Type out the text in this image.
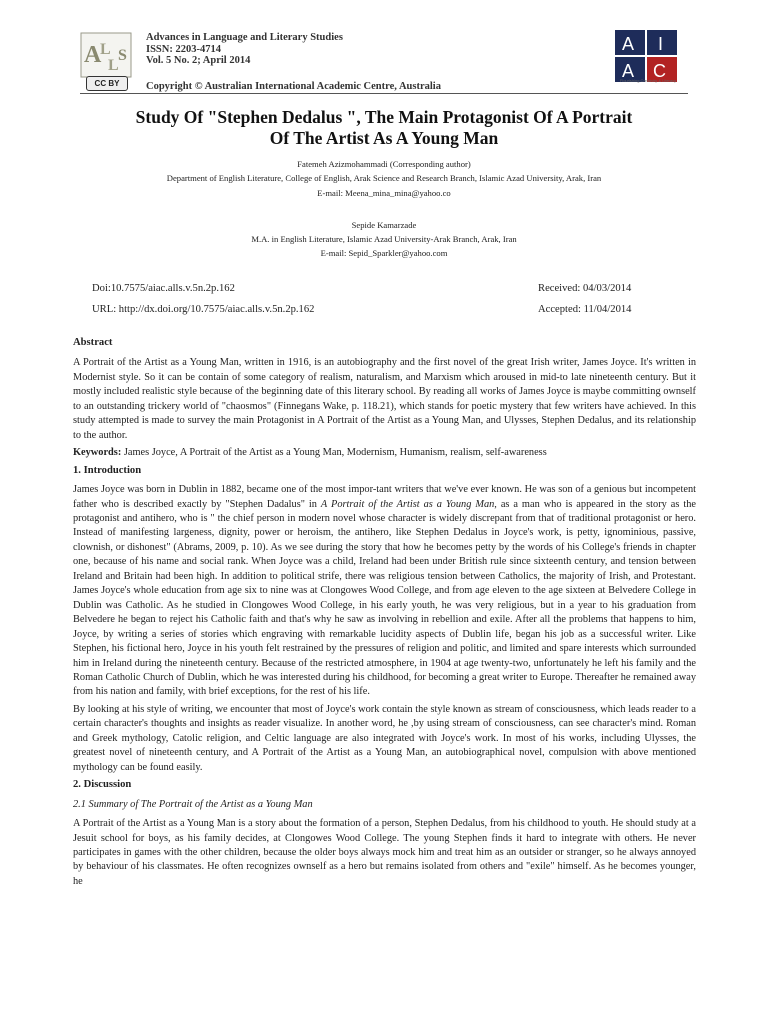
A
L
L
S
Advances in Language and Literary Studies
ISSN: 2203-4714
Vol. 5 No. 2; April 2014
CC BY	Copyright © Australian International Academic Centre, Australia
A I
A C
Flourishing Creativity & Literacy
Study Of "Stephen Dedalus ", The Main Protagonist Of A Portrait
Of The Artist As A Young Man

Fatemeh Azizmohammadi (Corresponding author)

Department of English Literature, College of English, Arak Science and Research Branch, Islamic Azad University, Arak, Iran

E-mail: Meena_mina_mina@yahoo.co

Sepide Kamarzade

M.A. in English Literature, Islamic Azad University-Arak Branch, Arak, Iran

E-mail: Sepid_Sparkler@yahoo.com

Doi:10.7575/aiac.alls.v.5n.2p.162	Received: 04/03/2014
URL: http://dx.doi.org/10.7575/aiac.alls.v.5n.2p.162	Accepted: 11/04/2014
Abstract

A Portrait of the Artist as a Young Man, written in 1916, is an autobiography and the first novel of the great Irish writer, James Joyce. It's written in Modernist style. So it can be contain of some category of realism, naturalism, and Marxism which aroused in mid-to late nineteenth century. But it mostly included realistic style because of the beginning date of this literary school. By reading all works of James Joyce is maybe committing ownself to an outstanding trickery world of "chaosmos" (Finnegans Wake, p. 118.21), which stands for poetic mystery that few writers have achieved. In this study attempted is made to survey the main Protagonist in A Portrait of the Artist as a Young Man, and Ulysses, Stephen Dedalus, and its relationship to the author.

Keywords: James Joyce, A Portrait of the Artist as a Young Man, Modernism, Humanism, realism, self-awareness

1. Introduction

James Joyce was born in Dublin in 1882, became one of the most impor-tant writers that we've ever known. He was son of a genious but incompetent father who is described exactly by "Stephen Dadalus" in A Portrait of the Artist as a Young Man, as a man who is appeared in the story as the protagonist and antihero, who is " the chief person in modern novel whose character is widely discrepant from that of traditional protagonist or hero. Instead of manifesting largeness, dignity, power or heroism, the antihero, like Stephen Dedalus in Joyce's work, is petty, ignominious, passive, clownish, or dishonest" (Abrams, 2009, p. 10). As we see during the story that how he becomes petty by the words of his College's friends in chapter one, because of his name and social rank. When Joyce was a child, Ireland had been under British rule since sixteenth century, and tension between Ireland and Britain had been high. In addition to political strife, there was religious tension between Catholics, the majority of Irish, and Protestant. James Joyce's whole education from age six to nine was at Clongowes Wood College, and from age eleven to the age sixteen at Belvedere College in Dublin was Catholic. As he studied in Clongowes Wood College, in his early youth, he was very religious, but in a year to his graduation from Belvedere he began to reject his Catholic faith and that's why he saw as involving in rebellion and exile. After all the problems that happens to him, Joyce, by writing a series of stories which engraving with remarkable lucidity aspects of Dublin life, began his job as a successful writer. Like Stephen, his fictional hero, Joyce in his youth felt restrained by the pressures of religion and politic, and limited and spare interests which surrounded him in Ireland during the nineteenth century. Because of the restricted atmosphere, in 1904 at age twenty-two, unfortunately he left his family and the Roman Catholic Church of Dublin, which he was interested during his childhood, for becoming a great writer to Europe. Thereafter he remained away from his nation and family, with brief exceptions, for the rest of his life.

By looking at his style of writing, we encounter that most of Joyce's work contain the style known as stream of consciousness, which leads reader to a certain character's thoughts and insights as reader visualize. In another word, he ,by using stream of consciousness, can see character's mind. Roman and Greek mythology, Catolic religion, and Celtic language are also integrated with Joyce's work. In most of his works, including Ulysses, the greatest novel of nineteenth century, and A Portrait of the Artist as a Young Man, an autobiographical novel, compulsion with above mentioned mythology can be found easily.

2. Discussion

2.1 Summary of The Portrait of the Artist as a Young Man

A Portrait of the Artist as a Young Man is a story about the formation of a person, Stephen Dedalus, from his childhood to youth. He should study at a Jesuit school for boys, as his family decides, at Clongowes Wood College. The young Stephen finds it hard to integrate with others. He never participates in games with the other children, because the older boys always mock him and treat him as an outsider or stranger, so he always annoyed by behaviour of his classmates. He often recognizes ownself as a hero but remains isolated from others and "exile" himself. As he becomes younger, he
